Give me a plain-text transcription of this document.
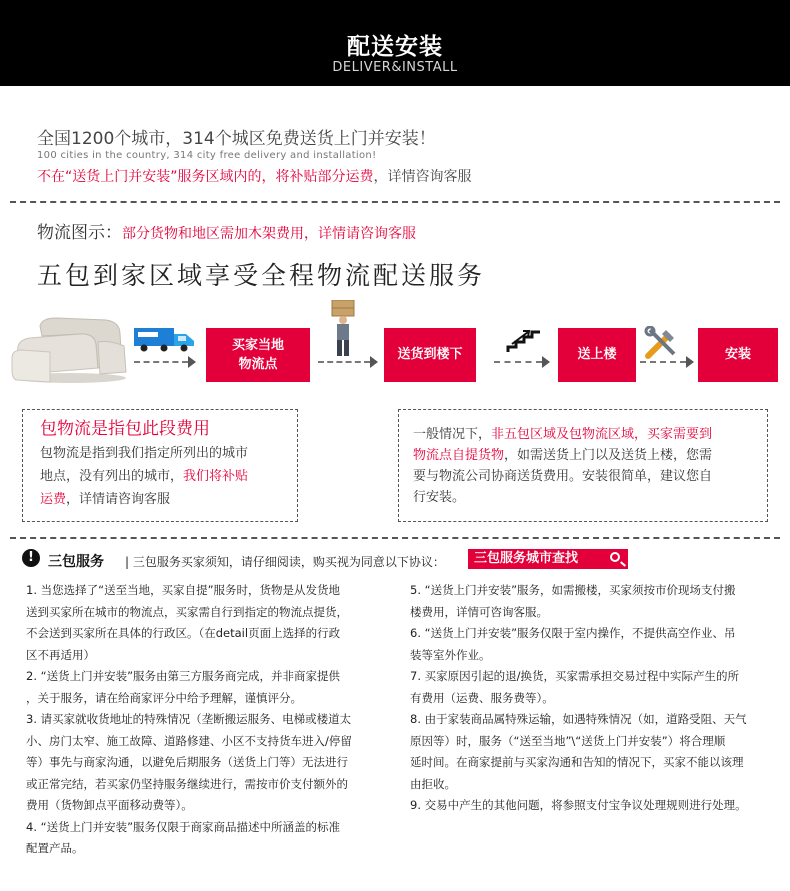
配送安装
DELIVER&INSTALL
全国1200个城市，314个城区免费送货上门并安装！
100 cities in the country, 314 city free delivery and installation!
不在“送货上门并安装”服务区域内的，将补贴部分运费，详情咨询客服
物流图示：部分货物和地区需加木架费用，详情请咨询客服
五包到家区域享受全程物流配送服务
买家当地
物流点
送货到楼下	送上楼	安装
包物流是指包此段费用
包物流是指到我们指定所列出的城市
地点，没有列出的城市，我们将补贴
运费，详情请咨询客服
一般情况下，非五包区域及包物流区域，买家需要到
物流点自提货物，如需送货上门以及送货上楼，您需
要与物流公司协商送货费用。安装很简单，建议您自
行安装。
!	三包服务 | 三包服务买家须知，请仔细阅读，购买视为同意以下协议：	三包服务城市查找

1. 当您选择了“送至当地，买家自提”服务时，货物是从发货地

送到买家所在城市的物流点，买家需自行到指定的物流点提货，

不会送到买家所在具体的行政区。（在detail页面上选择的行政

区不再适用）

2. “送货上门并安装”服务由第三方服务商完成，并非商家提供

，关于服务，请在给商家评分中给予理解，谨慎评分。

3. 请买家就收货地址的特殊情况（垄断搬运服务、电梯或楼道太

小、房门太窄、施工故障、道路修建、小区不支持货车进入/停留

等）事先与商家沟通，以避免后期服务（送货上门等）无法进行

或正常完结，若买家仍坚持服务继续进行，需按市价支付额外的

费用（货物卸点平面移动费等）。

4. “送货上门并安装”服务仅限于商家商品描述中所涵盖的标准

配置产品。

5. “送货上门并安装”服务，如需搬楼，买家须按市价现场支付搬

楼费用，详情可咨询客服。

6. “送货上门并安装”服务仅限于室内操作，不提供高空作业、吊

装等室外作业。

7. 买家原因引起的退/换货，买家需承担交易过程中实际产生的所

有费用（运费、服务费等）。

8. 由于家装商品属特殊运输，如遇特殊情况（如，道路受阻、天气

原因等）时，服务（“送至当地”\“送货上门并安装”）将合理顺

延时间。在商家提前与买家沟通和告知的情况下，买家不能以该理

由拒收。

9. 交易中产生的其他问题，将参照支付宝争议处理规则进行处理。
